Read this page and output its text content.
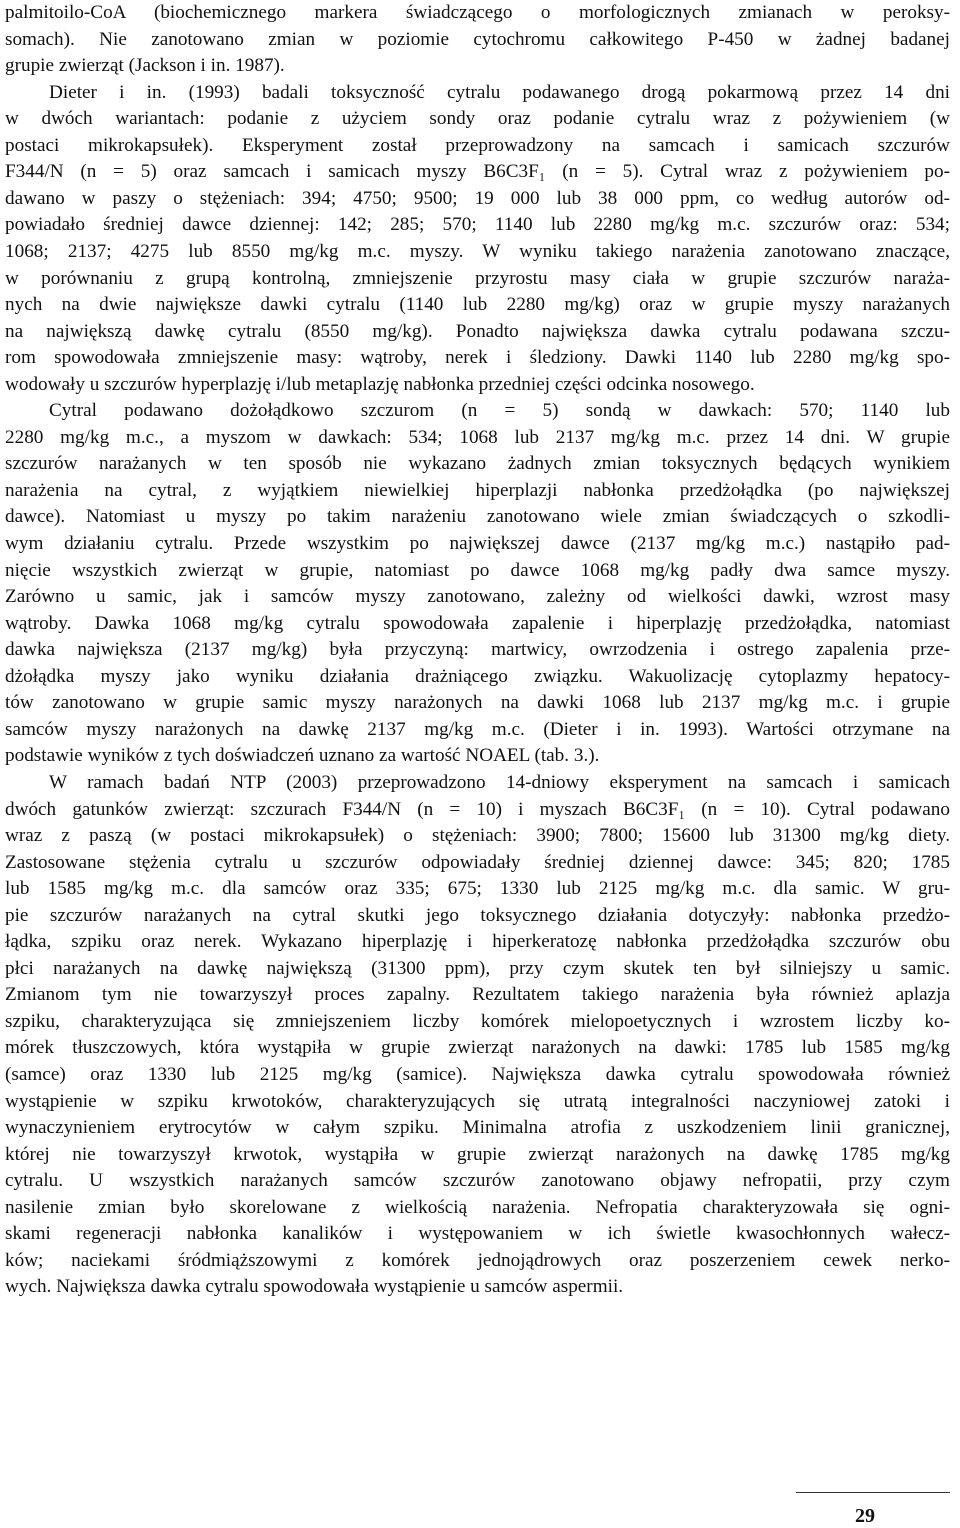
palmitoilo-CoA (biochemicznego markera świadczącego o morfologicznych zmianach w peroksy-
somach). Nie zanotowano zmian w poziomie cytochromu całkowitego P-450 w żadnej badanej
grupie zwierząt (Jackson i in. 1987).
Dieter i in. (1993) badali toksyczność cytralu podawanego drogą pokarmową przez 14 dni
w dwóch wariantach: podanie z użyciem sondy oraz podanie cytralu wraz z pożywieniem (w
postaci mikrokapsułek). Eksperyment został przeprowadzony na samcach i samicach szczurów
F344/N (n = 5) oraz samcach i samicach myszy B6C3F₁ (n = 5). Cytral wraz z pożywieniem po-
dawano w paszy o stężeniach: 394; 4750; 9500; 19 000 lub 38 000 ppm, co według autorów od-
powiadało średniej dawce dziennej: 142; 285; 570; 1140 lub 2280 mg/kg m.c. szczurów oraz: 534;
1068; 2137; 4275 lub 8550 mg/kg m.c. myszy. W wyniku takiego narażenia zanotowano znaczące,
w porównaniu z grupą kontrolną, zmniejszenie przyrostu masy ciała w grupie szczurów naraża-
nych na dwie największe dawki cytralu (1140 lub 2280 mg/kg) oraz w grupie myszy narażanych
na największą dawkę cytralu (8550 mg/kg). Ponadto największa dawka cytralu podawana szczu-
rom spowodowała zmniejszenie masy: wątroby, nerek i śledziony. Dawki 1140 lub 2280 mg/kg spo-
wodowały u szczurów hyperplazję i/lub metaplazję nabłonka przedniej części odcinka nosowego.
Cytral podawano dożołądkowo szczurom (n = 5) sondą w dawkach: 570; 1140 lub
2280 mg/kg m.c., a myszom w dawkach: 534; 1068 lub 2137 mg/kg m.c. przez 14 dni. W grupie
szczurów narażanych w ten sposób nie wykazano żadnych zmian toksycznych będących wynikiem
narażenia na cytral, z wyjątkiem niewielkiej hiperplazji nabłonka przedżołądka (po największej
dawce). Natomiast u myszy po takim narażeniu zanotowano wiele zmian świadczących o szkodli-
wym działaniu cytralu. Przede wszystkim po największej dawce (2137 mg/kg m.c.) nastąpiło pad-
nięcie wszystkich zwierząt w grupie, natomiast po dawce 1068 mg/kg padły dwa samce myszy.
Zarówno u samic, jak i samców myszy zanotowano, zależny od wielkości dawki, wzrost masy
wątroby. Dawka 1068 mg/kg cytralu spowodowała zapalenie i hiperplazję przedżołądka, natomiast
dawka największa (2137 mg/kg) była przyczyną: martwicy, owrzodzenia i ostrego zapalenia prze-
dżołądka myszy jako wyniku działania drażniącego związku. Wakuolizację cytoplazmy hepatocy-
tów zanotowano w grupie samic myszy narażonych na dawki 1068 lub 2137 mg/kg m.c. i grupie
samców myszy narażonych na dawkę 2137 mg/kg m.c. (Dieter i in. 1993). Wartości otrzymane na
podstawie wyników z tych doświadczeń uznano za wartość NOAEL (tab. 3.).
W ramach badań NTP (2003) przeprowadzono 14-dniowy eksperyment na samcach i samicach
dwóch gatunków zwierząt: szczurach F344/N (n = 10) i myszach B6C3F₁ (n = 10). Cytral podawano
wraz z paszą (w postaci mikrokapsułek) o stężeniach: 3900; 7800; 15600 lub 31300 mg/kg diety.
Zastosowane stężenia cytralu u szczurów odpowiadały średniej dziennej dawce: 345; 820; 1785
lub 1585 mg/kg m.c. dla samców oraz 335; 675; 1330 lub 2125 mg/kg m.c. dla samic. W gru-
pie szczurów narażanych na cytral skutki jego toksycznego działania dotyczyły: nabłonka przedżo-
łądka, szpiku oraz nerek. Wykazano hiperplazję i hiperkeratozę nabłonka przedżołądka szczurów obu
płci narażanych na dawkę największą (31300 ppm), przy czym skutek ten był silniejszy u samic.
Zmianom tym nie towarzyszył proces zapalny. Rezultatem takiego narażenia była również aplazja
szpiku, charakteryzująca się zmniejszeniem liczby komórek mielopoetycznych i wzrostem liczby ko-
mórek tłuszczowych, która wystąpiła w grupie zwierząt narażonych na dawki: 1785 lub 1585 mg/kg
(samce) oraz 1330 lub 2125 mg/kg (samice). Największa dawka cytralu spowodowała również
wystąpienie w szpiku krwotoków, charakteryzujących się utratą integralności naczyniowej zatoki i
wynaczynieniem erytrocytów w całym szpiku. Minimalna atrofia z uszkodzeniem linii granicznej,
której nie towarzyszył krwotok, wystąpiła w grupie zwierząt narażonych na dawkę 1785 mg/kg
cytralu. U wszystkich narażanych samców szczurów zanotowano objawy nefropatii, przy czym
nasilenie zmian było skorelowane z wielkością narażenia. Nefropatia charakteryzowała się ogni-
skami regeneracji nabłonka kanalików i występowaniem w ich świetle kwasochłonnych wałecz-
ków; naciekami śródmiąższowymi z komórek jednojądrowych oraz poszerzeniem cewek nerko-
wych. Największa dawka cytralu spowodowała wystąpienie u samców aspermii.
29
